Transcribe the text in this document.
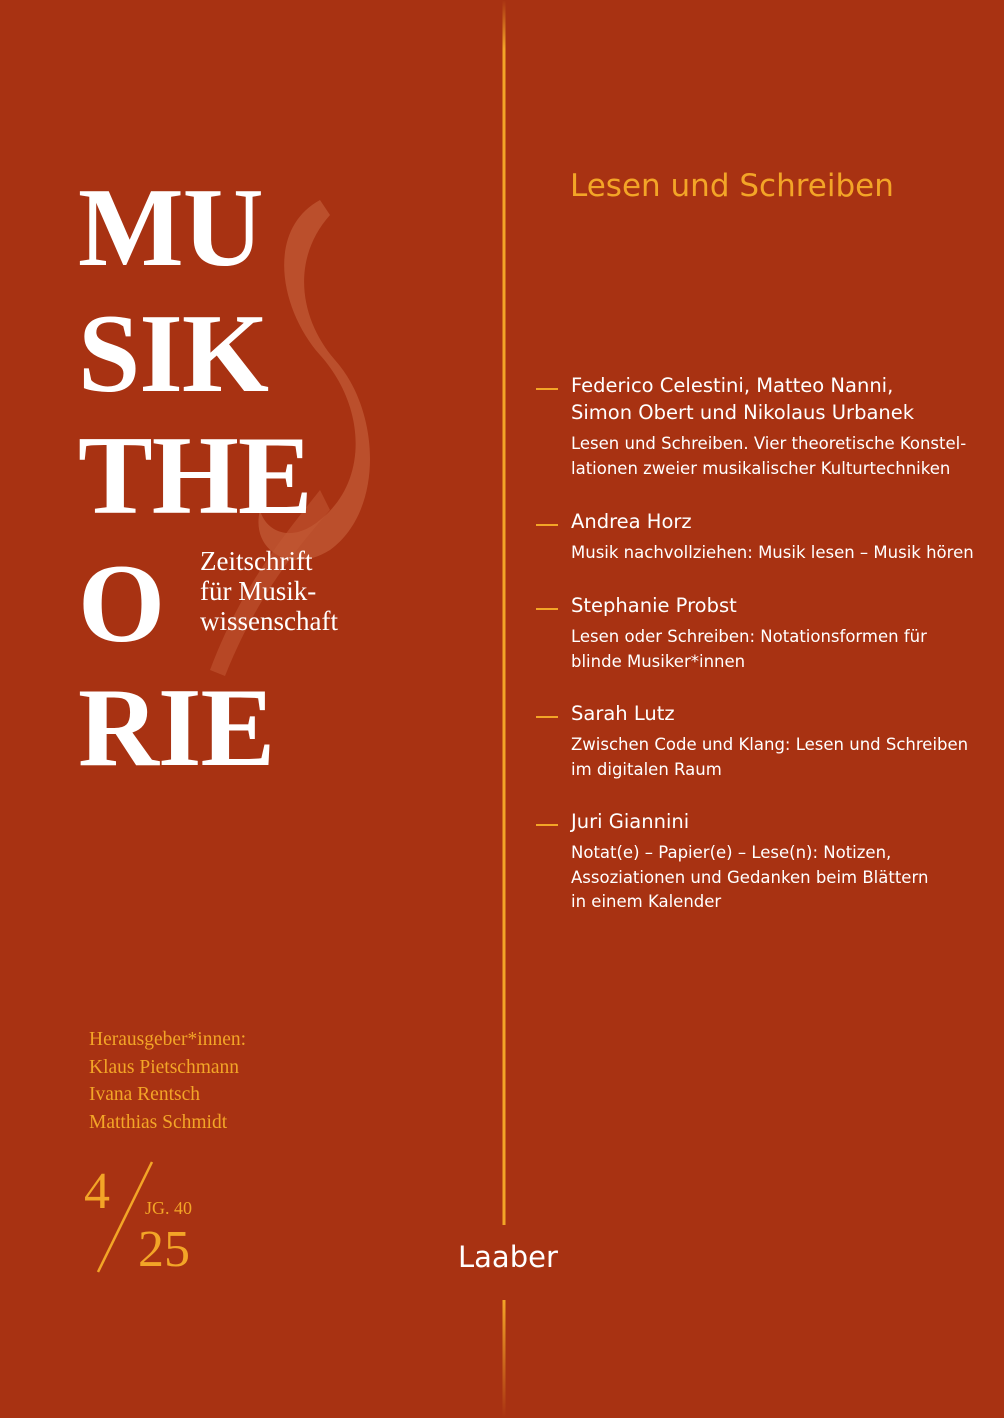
MU
SIK
THE
O
RIE
Zeitschrift
für Musik-
wissenschaft
Herausgeber*innen:
Klaus Pietschmann
Ivana Rentsch
Matthias Schmidt
4 JG. 40
25	Laaber
Lesen und Schreiben
Federico Celestini, Matteo Nanni,
Simon Obert und Nikolaus Urbanek
Lesen und Schreiben. Vier theoretische Konstel-
lationen zweier musikalischer Kulturtechniken
Andrea Horz
Musik nachvollziehen: Musik lesen – Musik hören
Stephanie Probst
Lesen oder Schreiben: Notationsformen für
blinde Musiker*innen
Sarah Lutz
Zwischen Code und Klang: Lesen und Schreiben
im digitalen Raum
Juri Giannini
Notat(e) – Papier(e) – Lese(n): Notizen,
Assoziationen und Gedanken beim Blättern
in einem Kalender
